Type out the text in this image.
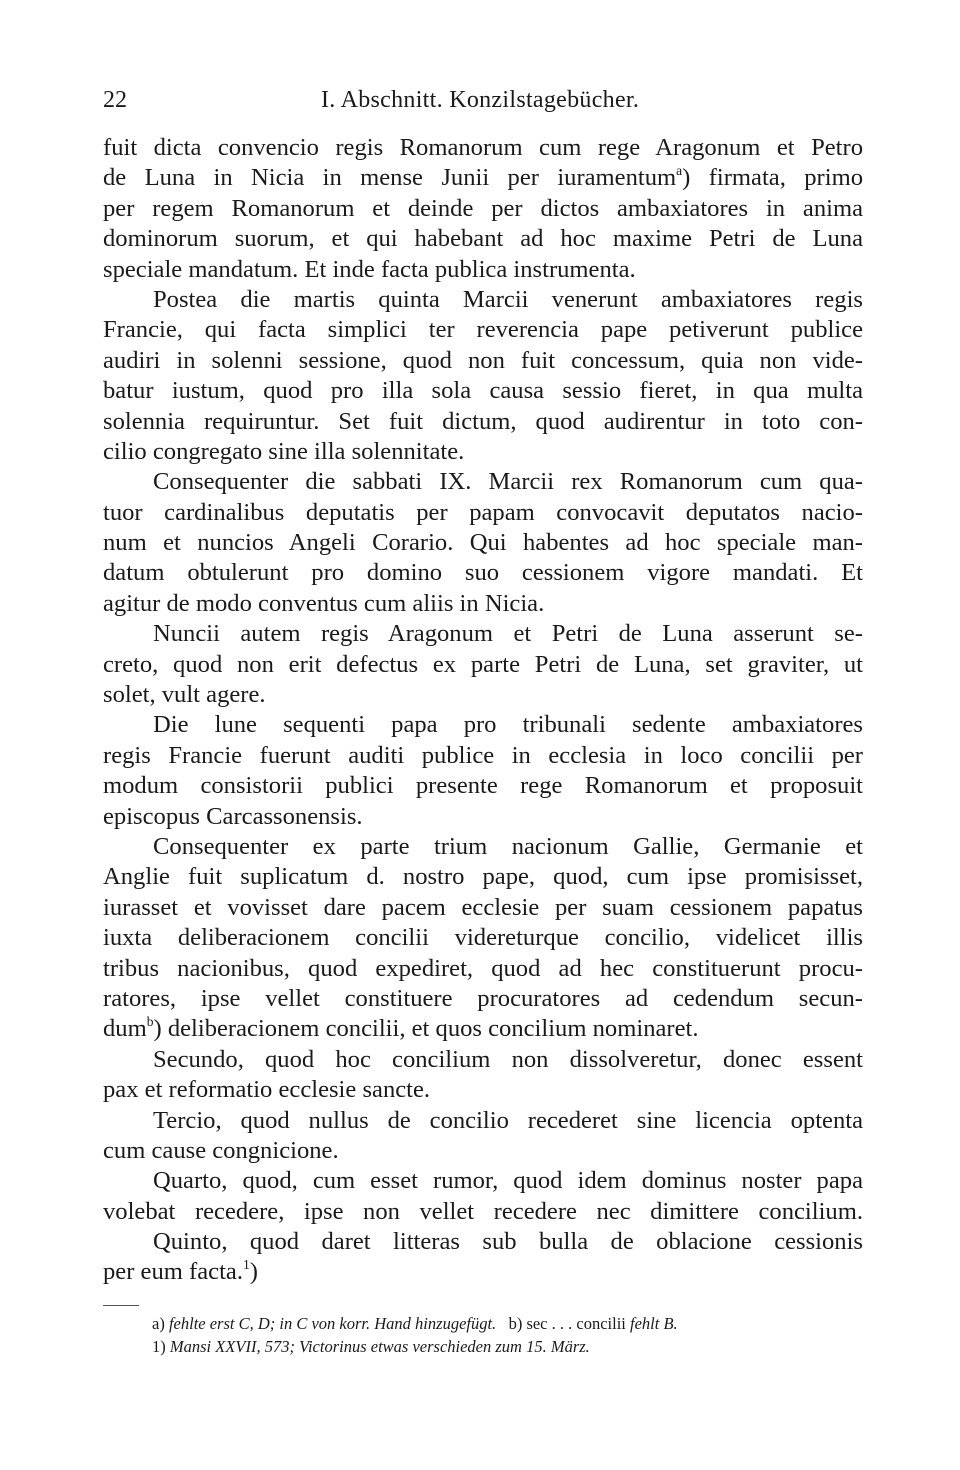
22	I. Abschnitt. Konzilstagebücher.
fuit dicta convencio regis Romanorum cum rege Aragonum et Petro
de Luna in Nicia in mense Junii per iuramentum$^a$) firmata, primo
per regem Romanorum et deinde per dictos ambaxiatores in anima
dominorum suorum, et qui habebant ad hoc maxime Petri de Luna
speciale mandatum. Et inde facta publica instrumenta.
Postea die martis quinta Marcii venerunt ambaxiatores regis
Francie, qui facta simplici ter reverencia pape petiverunt publice
audiri in solenni sessione, quod non fuit concessum, quia non vide-
batur iustum, quod pro illa sola causa sessio fieret, in qua multa
solennia requiruntur. Set fuit dictum, quod audirentur in toto con-
cilio congregato sine illa solennitate.
Consequenter die sabbati IX. Marcii rex Romanorum cum qua-
tuor cardinalibus deputatis per papam convocavit deputatos nacio-
num et nuncios Angeli Corario. Qui habentes ad hoc speciale man-
datum obtulerunt pro domino suo cessionem vigore mandati. Et
agitur de modo conventus cum aliis in Nicia.
Nuncii autem regis Aragonum et Petri de Luna asserunt se-
creto, quod non erit defectus ex parte Petri de Luna, set graviter, ut
solet, vult agere.
Die lune sequenti papa pro tribunali sedente ambaxiatores
regis Francie fuerunt auditi publice in ecclesia in loco concilii per
modum consistorii publici presente rege Romanorum et proposuit
episcopus Carcassonensis.
Consequenter ex parte trium nacionum Gallie, Germanie et
Anglie fuit suplicatum d. nostro pape, quod, cum ipse promisisset,
iurasset et vovisset dare pacem ecclesie per suam cessionem papatus
iuxta deliberacionem concilii videreturque concilio, videlicet illis
tribus nacionibus, quod expediret, quod ad hec constituerunt procu-
ratores, ipse vellet constituere procuratores ad cedendum secun-
dum$^b$) deliberacionem concilii, et quos concilium nominaret.
Secundo, quod hoc concilium non dissolveretur, donec essent
pax et reformatio ecclesie sancte.
Tercio, quod nullus de concilio recederet sine licencia optenta
cum cause congnicione.
Quarto, quod, cum esset rumor, quod idem dominus noster papa
volebat recedere, ipse non vellet recedere nec dimittere concilium.
Quinto, quod daret litteras sub bulla de oblacione cessionis
per eum facta.$^1$)
a) fehlte erst C, D; in C von korr. Hand hinzugefügt. b) sec . . . concilii fehlt B.
1) Mansi XXVII, 573; Victorinus etwas verschieden zum 15. März.
